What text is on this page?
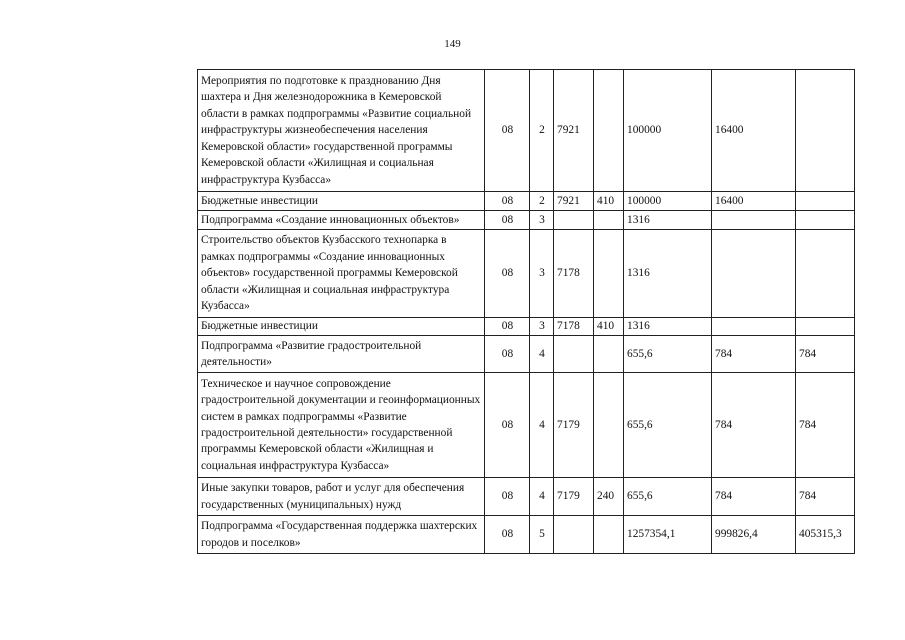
149
Мероприятия по подготовке к празднованию Дня шахтера и Дня железнодорожника в Кемеровской области в рамках подпрограммы «Развитие социальной инфраструктуры жизнеобеспечения населения Кемеровской области» государственной программы Кемеровской области «Жилищная и социальная инфраструктура Кузбасса»	08	2	7921		100000	16400	
Бюджетные инвестиции	08	2	7921	410	100000	16400	
Подпрограмма «Создание инновационных объектов»	08	3			1316		
Строительство объектов Кузбасского технопарка в рамках подпрограммы «Создание инновационных объектов» государственной программы Кемеровской области «Жилищная и социальная инфраструктура Кузбасса»	08	3	7178		1316		
Бюджетные инвестиции	08	3	7178	410	1316		
Подпрограмма «Развитие градостроительной деятельности»	08	4			655,6	784	784
Техническое и научное сопровождение градостроительной документации и геоинформационных систем в рамках подпрограммы «Развитие градостроительной деятельности» государственной программы Кемеровской области «Жилищная и социальная инфраструктура Кузбасса»	08	4	7179		655,6	784	784
Иные закупки товаров, работ и услуг для обеспечения государственных (муниципальных) нужд	08	4	7179	240	655,6	784	784
Подпрограмма «Государственная поддержка шахтерских городов и поселков»	08	5			1257354,1	999826,4	405315,3
